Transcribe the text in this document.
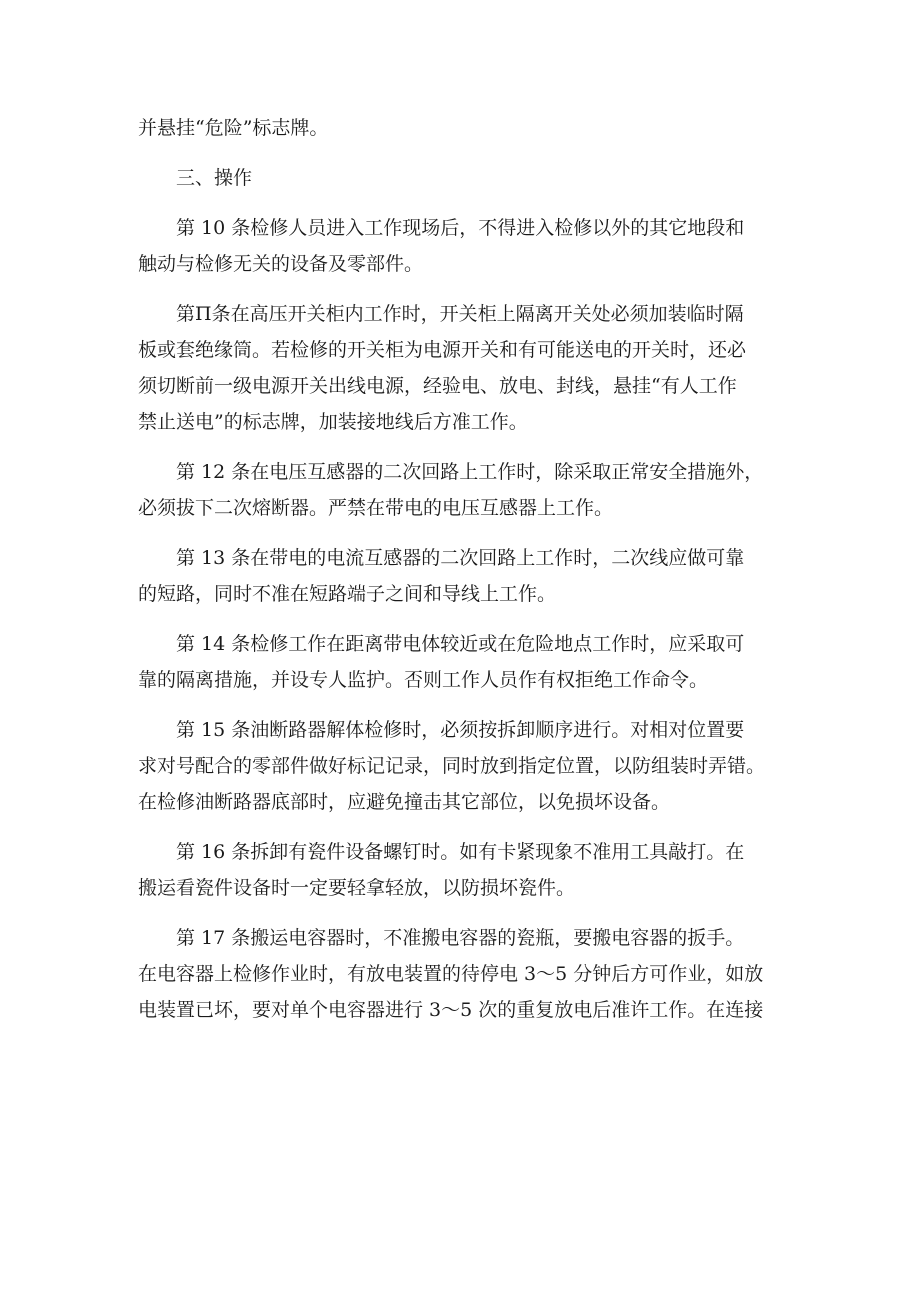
并悬挂“危险”标志牌。
三、操作
第 10 条检修人员进入工作现场后，不得进入检修以外的其它地段和
触动与检修无关的设备及零部件。
第Π条在高压开关柜内工作时，开关柜上隔离开关处必须加装临时隔
板或套绝缘筒。若检修的开关柜为电源开关和有可能送电的开关时，还必
须切断前一级电源开关出线电源，经验电、放电、封线，悬挂“有人工作
禁止送电”的标志牌，加装接地线后方准工作。
第 12 条在电压互感器的二次回路上工作时，除采取正常安全措施外，
必须拔下二次熔断器。严禁在带电的电压互感器上工作。
第 13 条在带电的电流互感器的二次回路上工作时，二次线应做可靠
的短路，同时不准在短路端子之间和导线上工作。
第 14 条检修工作在距离带电体较近或在危险地点工作时，应采取可
靠的隔离措施，并设专人监护。否则工作人员作有权拒绝工作命令。
第 15 条油断路器解体检修时，必须按拆卸顺序进行。对相对位置要
求对号配合的零部件做好标记记录，同时放到指定位置，以防组装时弄错。
在检修油断路器底部时，应避免撞击其它部位，以免损坏设备。
第 16 条拆卸有瓷件设备螺钉时。如有卡紧现象不准用工具敲打。在
搬运看瓷件设备时一定要轻拿轻放，以防损坏瓷件。
第 17 条搬运电容器时，不准搬电容器的瓷瓶，要搬电容器的扳手。
在电容器上检修作业时，有放电装置的待停电 3～5 分钟后方可作业，如放
电装置已坏，要对单个电容器进行 3～5 次的重复放电后准许工作。在连接
